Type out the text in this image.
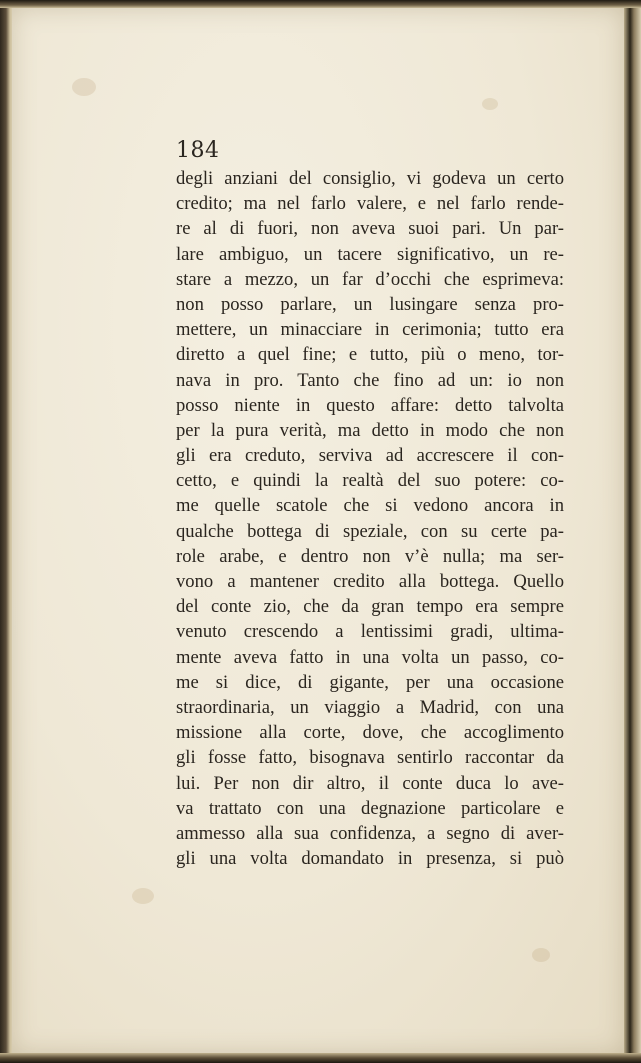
184
degli anziani del consiglio, vi godeva un certo
credito; ma nel farlo valere, e nel farlo rende-
re al di fuori, non aveva suoi pari. Un par-
lare ambiguo, un tacere significativo, un re-
stare a mezzo, un far d’occhi che esprimeva:
non posso parlare, un lusingare senza pro-
mettere, un minacciare in cerimonia; tutto era
diretto a quel fine; e tutto, più o meno, tor-
nava in pro. Tanto che fino ad un: io non
posso niente in questo affare: detto talvolta
per la pura verità, ma detto in modo che non
gli era creduto, serviva ad accrescere il con-
cetto, e quindi la realtà del suo potere: co-
me quelle scatole che si vedono ancora in
qualche bottega di speziale, con su certe pa-
role arabe, e dentro non v’è nulla; ma ser-
vono a mantener credito alla bottega. Quello
del conte zio, che da gran tempo era sempre
venuto crescendo a lentissimi gradi, ultima-
mente aveva fatto in una volta un passo, co-
me si dice, di gigante, per una occasione
straordinaria, un viaggio a Madrid, con una
missione alla corte, dove, che accoglimento
gli fosse fatto, bisognava sentirlo raccontar da
lui. Per non dir altro, il conte duca lo ave-
va trattato con una degnazione particolare e
ammesso alla sua confidenza, a segno di aver-
gli una volta domandato in presenza, si può
